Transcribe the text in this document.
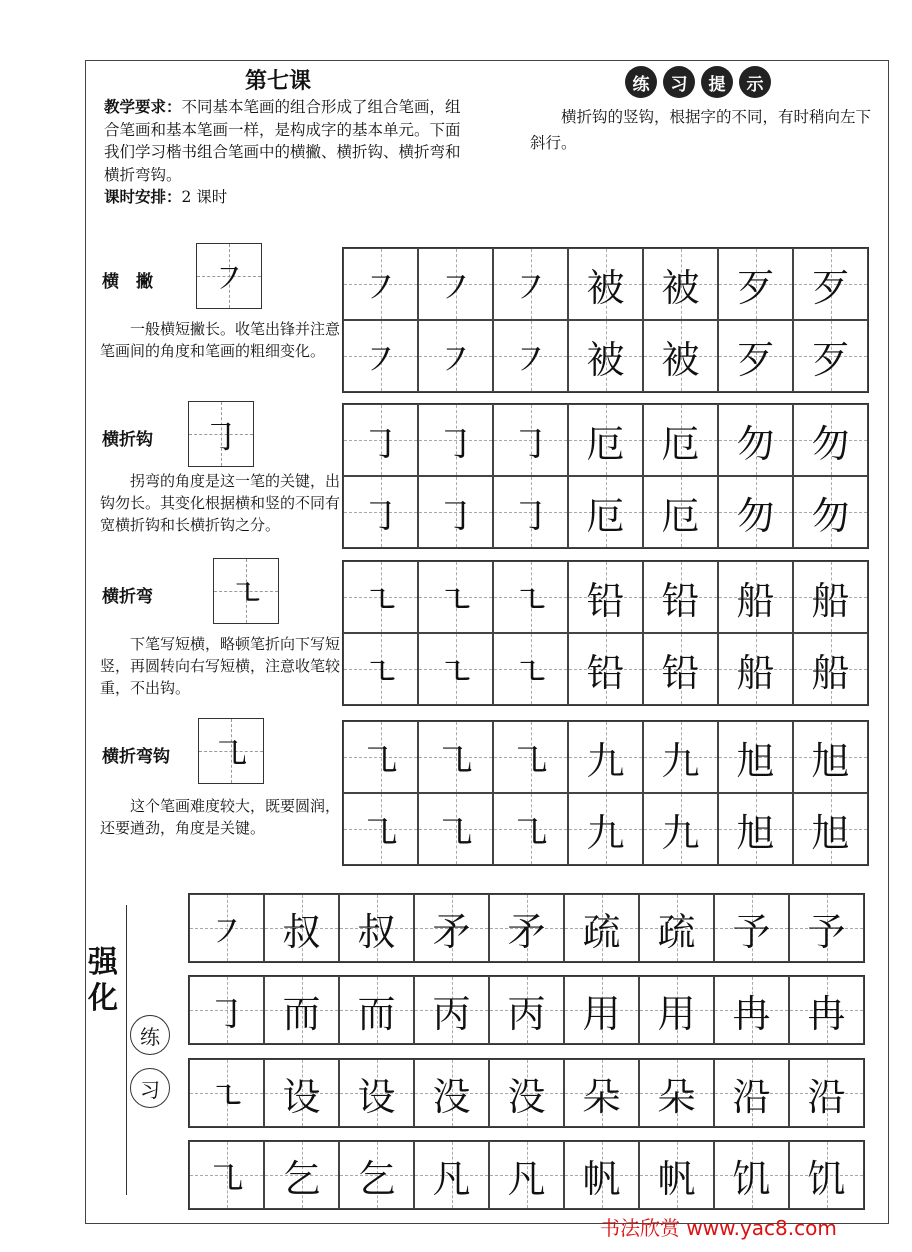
第七课
教学要求：不同基本笔画的组合形成了组合笔画，组合笔画和基本笔画一样，是构成字的基本单元。下面我们学习楷书组合笔画中的横撇、横折钩、横折弯和横折弯钩。
课时安排：2 课时
练	习	提	示
横折钩的竖钩，根据字的不同，有时稍向左下斜行。
横　撇 ㇇
一般横短撇长。收笔出锋并注意笔画间的角度和笔画的粗细变化。
㇇ ㇇ ㇇ 被 被 歹 歹
㇇ ㇇ ㇇ 被 被 歹 歹
横折钩 ㇆
拐弯的角度是这一笔的关键，出钩勿长。其变化根据横和竖的不同有宽横折钩和长横折钩之分。
㇆ ㇆ ㇆ 厄 厄 勿 勿
㇆ ㇆ ㇆ 厄 厄 勿 勿
横折弯 ㇍
下笔写短横，略顿笔折向下写短竖，再圆转向右写短横，注意收笔较重，不出钩。
㇍ ㇍ ㇍ 铅 铅 船 船
㇍ ㇍ ㇍ 铅 铅 船 船
横折弯钩 ㇈
这个笔画难度较大，既要圆润，还要遒劲，角度是关键。
㇈ ㇈ ㇈ 九 九 旭 旭
㇈ ㇈ ㇈ 九 九 旭 旭
强化
练
习
㇇ 叔 叔 矛 矛 疏 疏 予 予
㇆ 而 而 丙 丙 用 用 冉 冉
㇍ 设 设 没 没 朵 朵 沿 沿
㇈ 乞 乞 凡 凡 帆 帆 饥 饥
书法欣赏 www.yac8.com
